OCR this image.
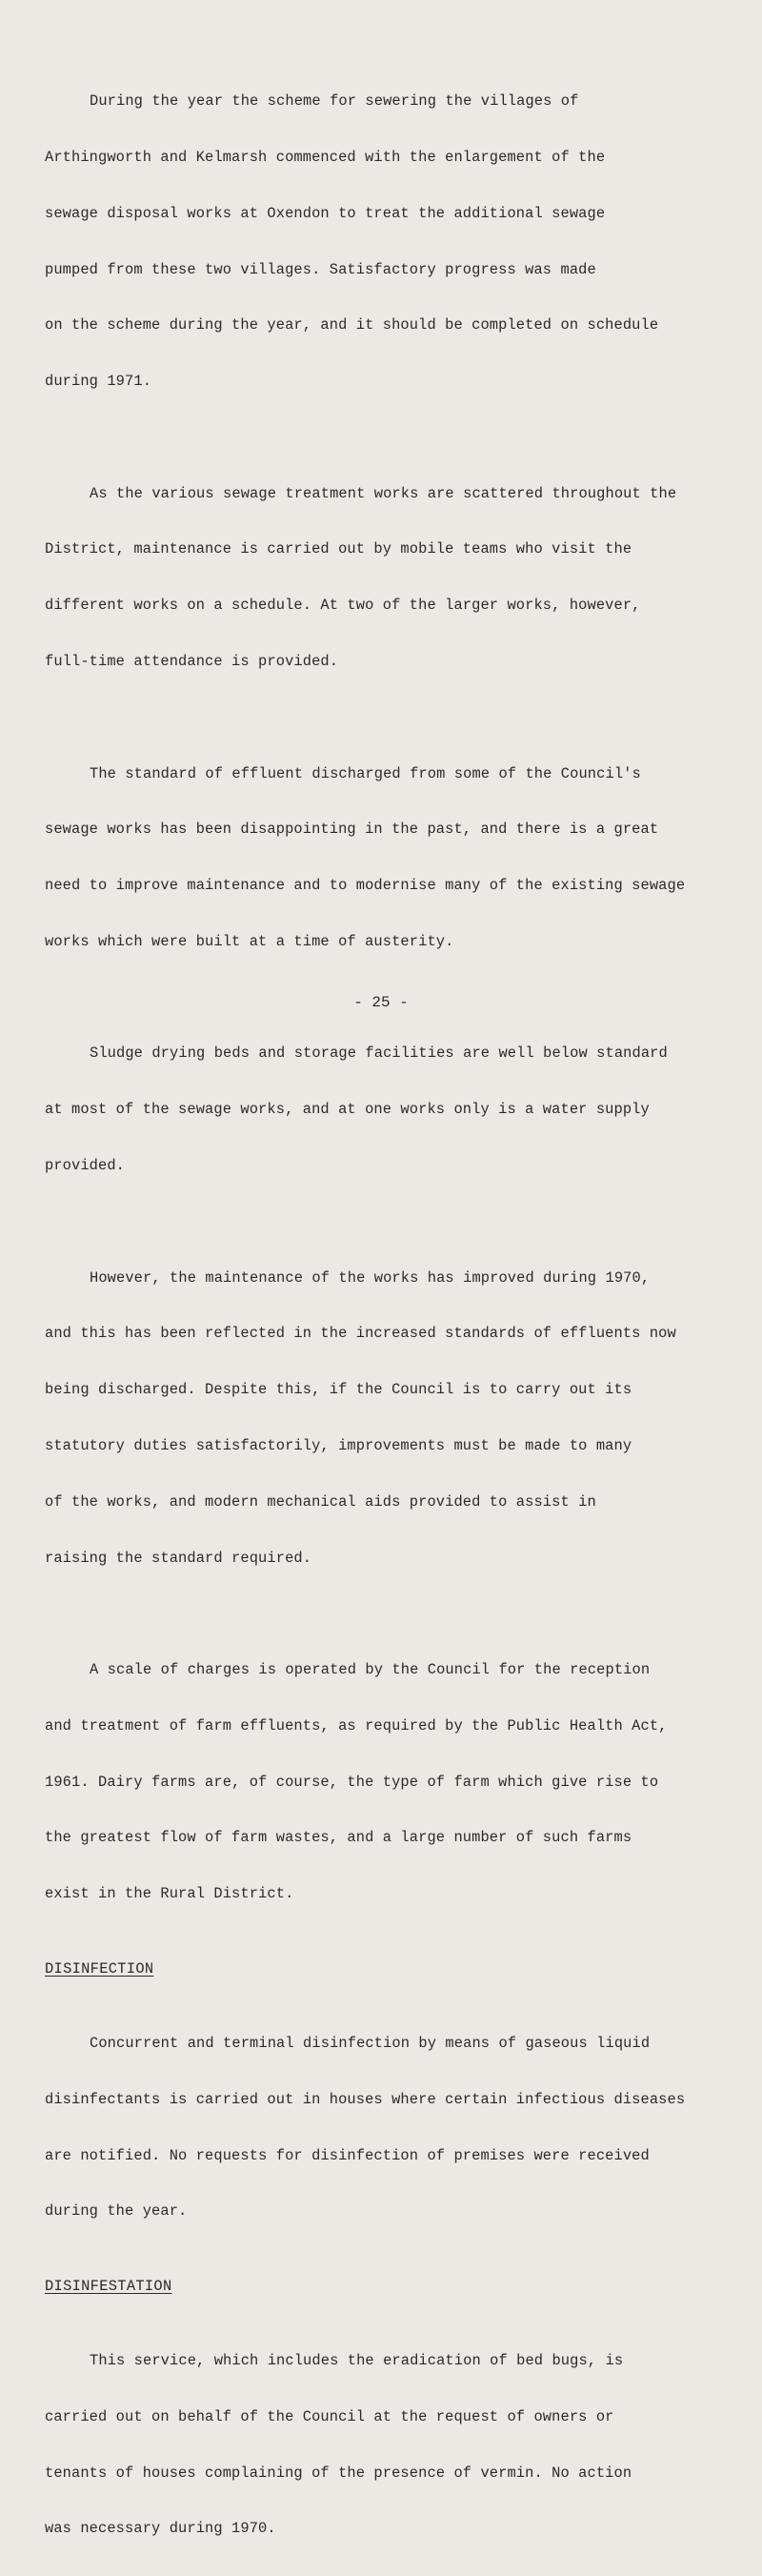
During the year the scheme for sewering the villages of

Arthingworth and Kelmarsh commenced with the enlargement of the

sewage disposal works at Oxendon to treat the additional sewage

pumped from these two villages. Satisfactory progress was made

on the scheme during the year, and it should be completed on schedule

during 1971.

As the various sewage treatment works are scattered throughout the

District, maintenance is carried out by mobile teams who visit the

different works on a schedule. At two of the larger works, however,

full-time attendance is provided.

The standard of effluent discharged from some of the Council's

sewage works has been disappointing in the past, and there is a great

need to improve maintenance and to modernise many of the existing sewage

works which were built at a time of austerity.

Sludge drying beds and storage facilities are well below standard

at most of the sewage works, and at one works only is a water supply

provided.

However, the maintenance of the works has improved during 1970,

and this has been reflected in the increased standards of effluents now

being discharged. Despite this, if the Council is to carry out its

statutory duties satisfactorily, improvements must be made to many

of the works, and modern mechanical aids provided to assist in

raising the standard required.

A scale of charges is operated by the Council for the reception

and treatment of farm effluents, as required by the Public Health Act,

1961. Dairy farms are, of course, the type of farm which give rise to

the greatest flow of farm wastes, and a large number of such farms

exist in the Rural District.

DISINFECTION

Concurrent and terminal disinfection by means of gaseous liquid

disinfectants is carried out in houses where certain infectious diseases

are notified. No requests for disinfection of premises were received

during the year.

DISINFESTATION

This service, which includes the eradication of bed bugs, is

carried out on behalf of the Council at the request of owners or

tenants of houses complaining of the presence of vermin. No action

was necessary during 1970.

- 25 -
